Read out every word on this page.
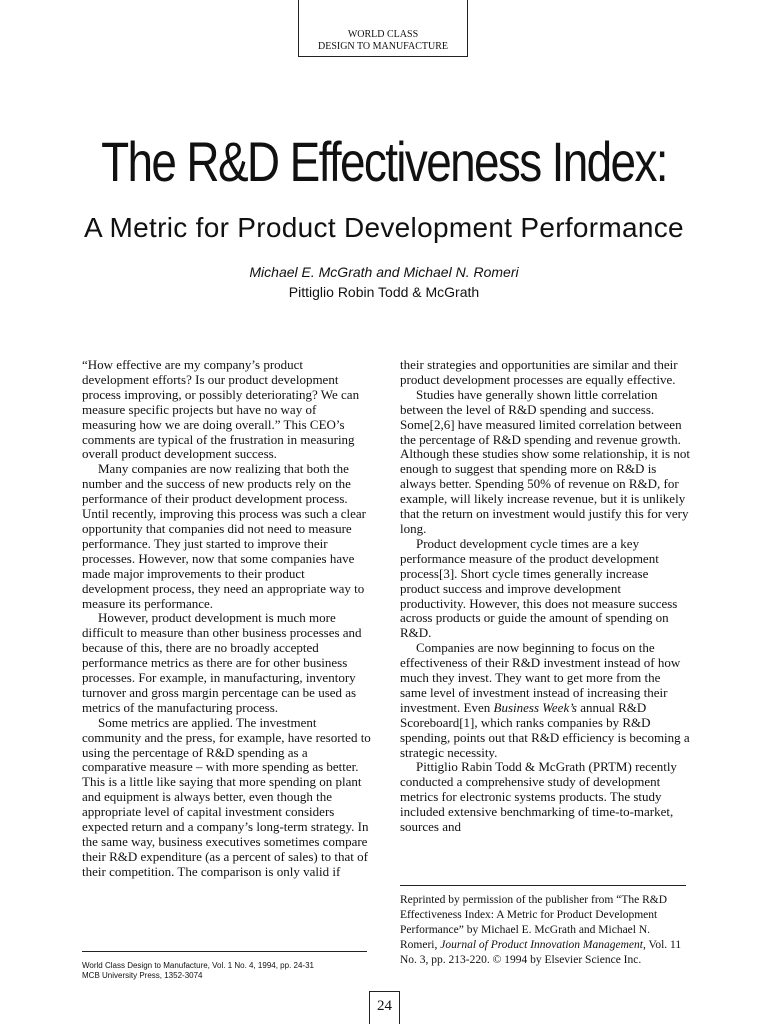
WORLD CLASS
DESIGN TO MANUFACTURE
The R&D Effectiveness Index:
A Metric for Product Development Performance
Michael E. McGrath and Michael N. Romeri
Pittiglio Robin Todd & McGrath

“How effective are my company’s product development efforts? Is our product development process improving, or possibly deteriorating? We can measure specific projects but have no way of measuring how we are doing overall.” This CEO’s comments are typical of the frustration in measuring overall product development success.

Many companies are now realizing that both the number and the success of new products rely on the performance of their product development process. Until recently, improving this process was such a clear opportunity that companies did not need to measure performance. They just started to improve their processes. However, now that some companies have made major improvements to their product development process, they need an appropriate way to measure its performance.

However, product development is much more difficult to measure than other business processes and because of this, there are no broadly accepted performance metrics as there are for other business processes. For example, in manufacturing, inventory turnover and gross margin percentage can be used as metrics of the manufacturing process.

Some metrics are applied. The investment community and the press, for example, have resorted to using the percentage of R&D spending as a comparative measure – with more spending as better. This is a little like saying that more spending on plant and equipment is always better, even though the appropriate level of capital investment considers expected return and a company’s long-term strategy. In the same way, business executives sometimes compare their R&D expenditure (as a percent of sales) to that of their competition. The comparison is only valid if

their strategies and opportunities are similar and their product development processes are equally effective.

Studies have generally shown little correlation between the level of R&D spending and success. Some[2,6] have measured limited correlation between the percentage of R&D spending and revenue growth. Although these studies show some relationship, it is not enough to suggest that spending more on R&D is always better. Spending 50% of revenue on R&D, for example, will likely increase revenue, but it is unlikely that the return on investment would justify this for very long.

Product development cycle times are a key performance measure of the product development process[3]. Short cycle times generally increase product success and improve development productivity. However, this does not measure success across products or guide the amount of spending on R&D.

Companies are now beginning to focus on the effectiveness of their R&D investment instead of how much they invest. They want to get more from the same level of investment instead of increasing their investment. Even Business Week’s annual R&D Scoreboard[1], which ranks companies by R&D spending, points out that R&D efficiency is becoming a strategic necessity.

Pittiglio Rabin Todd & McGrath (PRTM) recently conducted a comprehensive study of development metrics for electronic systems products. The study included extensive benchmarking of time-to-market, sources and

Reprinted by permission of the publisher from “The R&D Effectiveness Index: A Metric for Product Development Performance” by Michael E. McGrath and Michael N. Romeri, Journal of Product Innovation Management, Vol. 11 No. 3, pp. 213-220. © 1994 by Elsevier Science Inc.
World Class Design to Manufacture, Vol. 1 No. 4, 1994, pp. 24-31
MCB University Press, 1352-3074
24
